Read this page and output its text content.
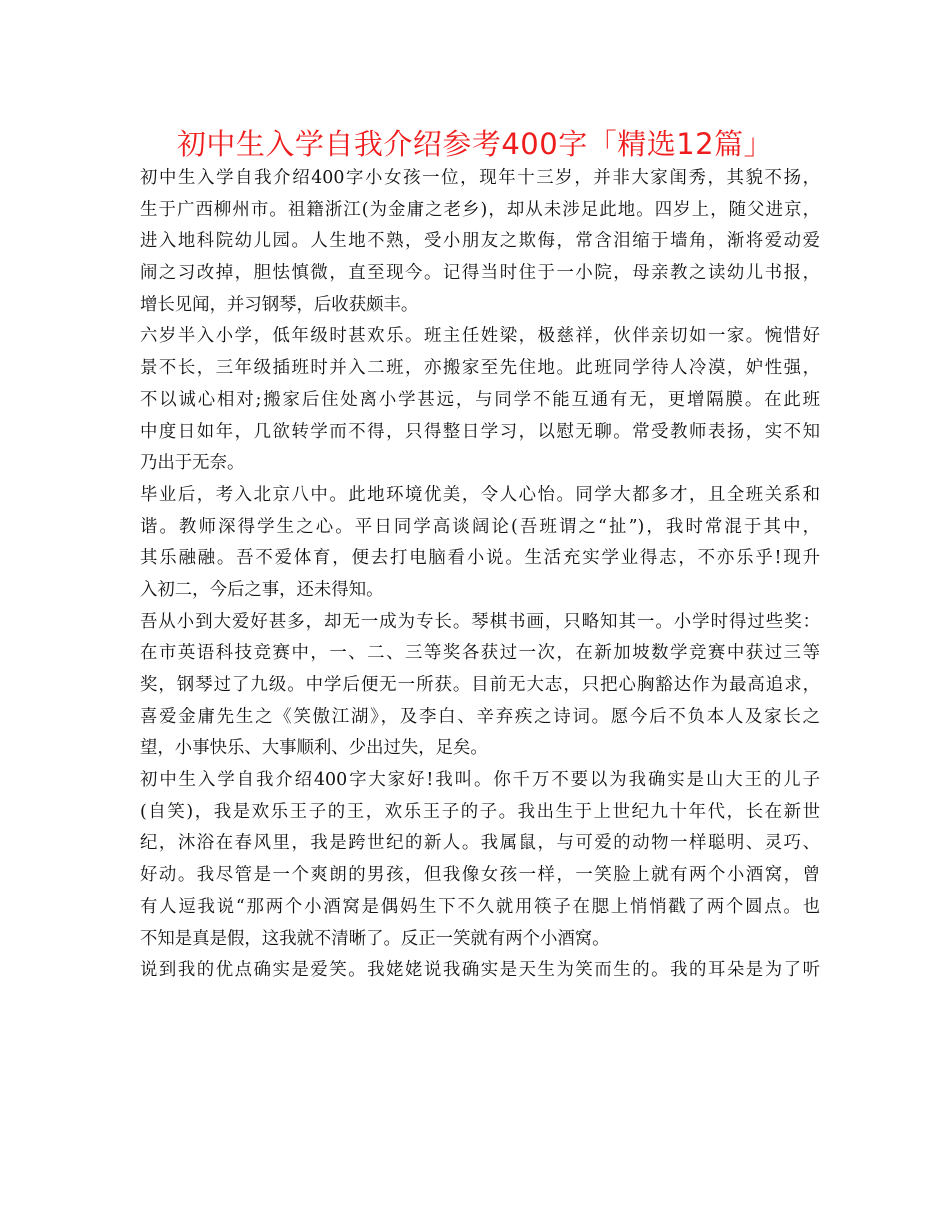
初中生入学自我介绍参考400字「精选12篇」
初中生入学自我介绍400字小女孩一位，现年十三岁，并非大家闺秀，其貌不扬，
生于广西柳州市。祖籍浙江(为金庸之老乡)，却从未涉足此地。四岁上，随父进京，
进入地科院幼儿园。人生地不熟，受小朋友之欺侮，常含泪缩于墙角，渐将爱动爱
闹之习改掉，胆怯慎微，直至现今。记得当时住于一小院，母亲教之读幼儿书报，
增长见闻，并习钢琴，后收获颇丰。
六岁半入小学，低年级时甚欢乐。班主任姓梁，极慈祥，伙伴亲切如一家。惋惜好
景不长，三年级插班时并入二班，亦搬家至先住地。此班同学待人冷漠，妒性强，
不以诚心相对;搬家后住处离小学甚远，与同学不能互通有无，更增隔膜。在此班
中度日如年，几欲转学而不得，只得整日学习，以慰无聊。常受教师表扬，实不知
乃出于无奈。
毕业后，考入北京八中。此地环境优美，令人心怡。同学大都多才，且全班关系和
谐。教师深得学生之心。平日同学高谈阔论(吾班谓之“扯”)，我时常混于其中，
其乐融融。吾不爱体育，便去打电脑看小说。生活充实学业得志，不亦乐乎!现升
入初二，今后之事，还未得知。
吾从小到大爱好甚多，却无一成为专长。琴棋书画，只略知其一。小学时得过些奖：
在市英语科技竞赛中，一、二、三等奖各获过一次，在新加坡数学竞赛中获过三等
奖，钢琴过了九级。中学后便无一所获。目前无大志，只把心胸豁达作为最高追求，
喜爱金庸先生之《笑傲江湖》，及李白、辛弃疾之诗词。愿今后不负本人及家长之
望，小事快乐、大事顺利、少出过失，足矣。
初中生入学自我介绍400字大家好!我叫。你千万不要以为我确实是山大王的儿子
(自笑)，我是欢乐王子的王，欢乐王子的子。我出生于上世纪九十年代，长在新世
纪，沐浴在春风里，我是跨世纪的新人。我属鼠，与可爱的动物一样聪明、灵巧、
好动。我尽管是一个爽朗的男孩，但我像女孩一样，一笑脸上就有两个小酒窝，曾
有人逗我说“那两个小酒窝是偶妈生下不久就用筷子在腮上悄悄戳了两个圆点。也
不知是真是假，这我就不清晰了。反正一笑就有两个小酒窝。
说到我的优点确实是爱笑。我姥姥说我确实是天生为笑而生的。我的耳朵是为了听
